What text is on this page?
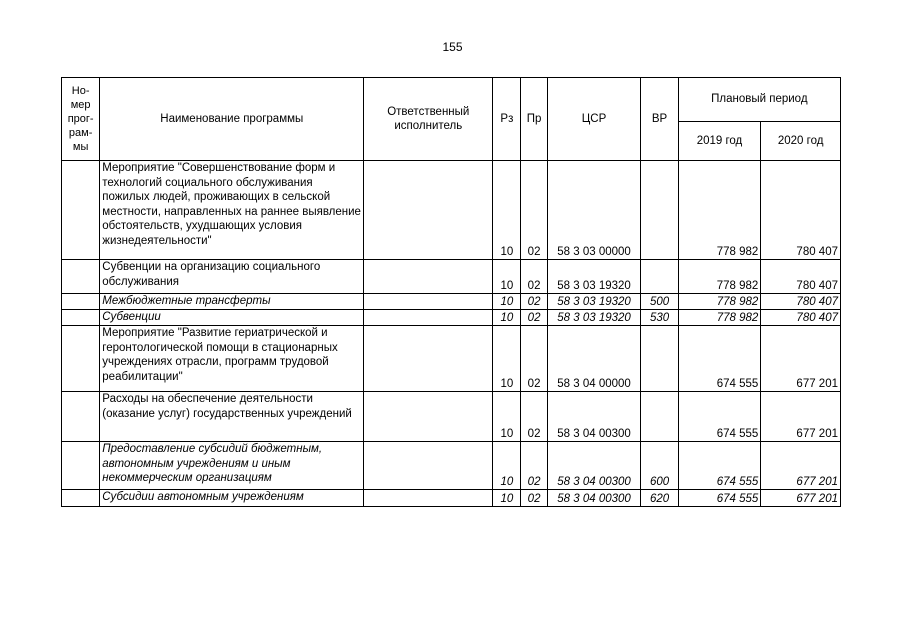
155
Но-
мер
прог-
рам-
мы	Наименование программы	Ответственный исполнитель	Рз	Пр	ЦСР	ВР	Плановый период	
							2019 год	2020 год
	Мероприятие "Совершенствование форм и технологий социального обслуживания пожилых людей, проживающих в сельской местности, направленных на раннее выявление обстоятельств, ухудшающих условия жизнедеятельности"		10	02	58 3 03 00000		778 982	780 407
	Субвенции на организацию социального обслуживания		10	02	58 3 03 19320		778 982	780 407
	Межбюджетные трансферты		10	02	58 3 03 19320	500	778 982	780 407
	Субвенции		10	02	58 3 03 19320	530	778 982	780 407
	Мероприятие "Развитие гериатрической и геронтологической помощи в стационарных учреждениях отрасли, программ трудовой реабилитации"		10	02	58 3 04 00000		674 555	677 201
	Расходы на обеспечение деятельности (оказание услуг) государственных учреждений		10	02	58 3 04 00300		674 555	677 201
	Предоставление субсидий бюджетным, автономным учреждениям и иным некоммерческим организациям		10	02	58 3 04 00300	600	674 555	677 201
	Субсидии автономным учреждениям		10	02	58 3 04 00300	620	674 555	677 201
